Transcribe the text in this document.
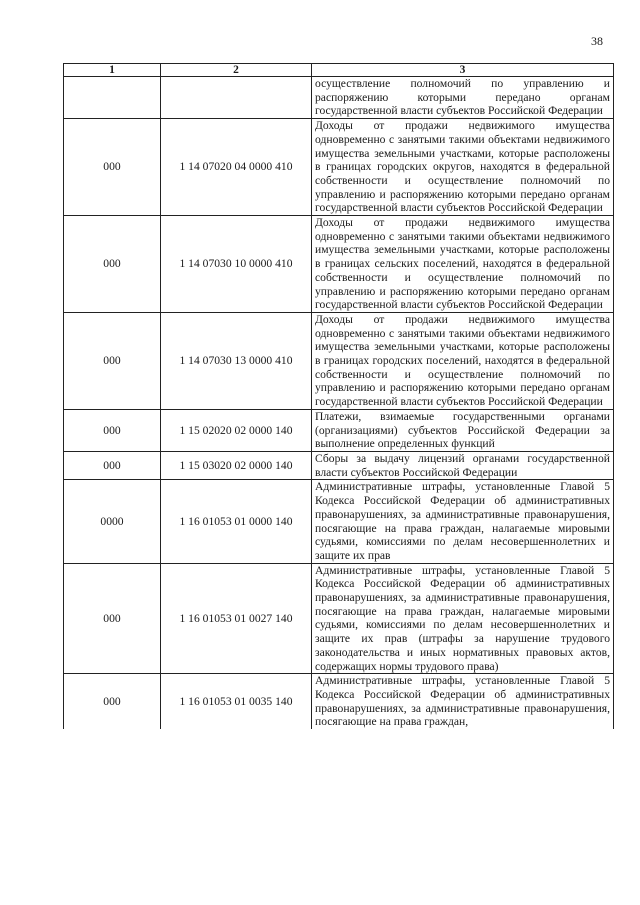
38
1	2	3
		осуществление полномочий по управлению и распоряжению которыми передано органам государственной власти субъектов Российской Федерации
000	1 14 07020 04 0000 410	Доходы от продажи недвижимого имущества одновременно с занятыми такими объектами недвижимого имущества земельными участками, которые расположены в границах городских округов, находятся в федеральной собственности и осуществление полномочий по управлению и распоряжению которыми передано органам государственной власти субъектов Российской Федерации
000	1 14 07030 10 0000 410	Доходы от продажи недвижимого имущества одновременно с занятыми такими объектами недвижимого имущества земельными участками, которые расположены в границах сельских поселений, находятся в федеральной собственности и осуществление полномочий по управлению и распоряжению которыми передано органам государственной власти субъектов Российской Федерации
000	1 14 07030 13 0000 410	Доходы от продажи недвижимого имущества одновременно с занятыми такими объектами недвижимого имущества земельными участками, которые расположены в границах городских поселений, находятся в федеральной собственности и осуществление полномочий по управлению и распоряжению которыми передано органам государственной власти субъектов Российской Федерации
000	1 15 02020 02 0000 140	Платежи, взимаемые государственными органами (организациями) субъектов Российской Федерации за выполнение определенных функций
000	1 15 03020 02 0000 140	Сборы за выдачу лицензий органами государственной власти субъектов Российской Федерации
0000	1 16 01053 01 0000 140	Административные штрафы, установленные Главой 5 Кодекса Российской Федерации об административных правонарушениях, за административные правонарушения, посягающие на права граждан, налагаемые мировыми судьями, комиссиями по делам несовершеннолетних и защите их прав
000	1 16 01053 01 0027 140	Административные штрафы, установленные Главой 5 Кодекса Российской Федерации об административных правонарушениях, за административные правонарушения, посягающие на права граждан, налагаемые мировыми судьями, комиссиями по делам несовершеннолетних и защите их прав (штрафы за нарушение трудового законодательства и иных нормативных правовых актов, содержащих нормы трудового права)
000	1 16 01053 01 0035 140	Административные штрафы, установленные Главой 5 Кодекса Российской Федерации об административных правонарушениях, за административные правонарушения, посягающие на права граждан,
